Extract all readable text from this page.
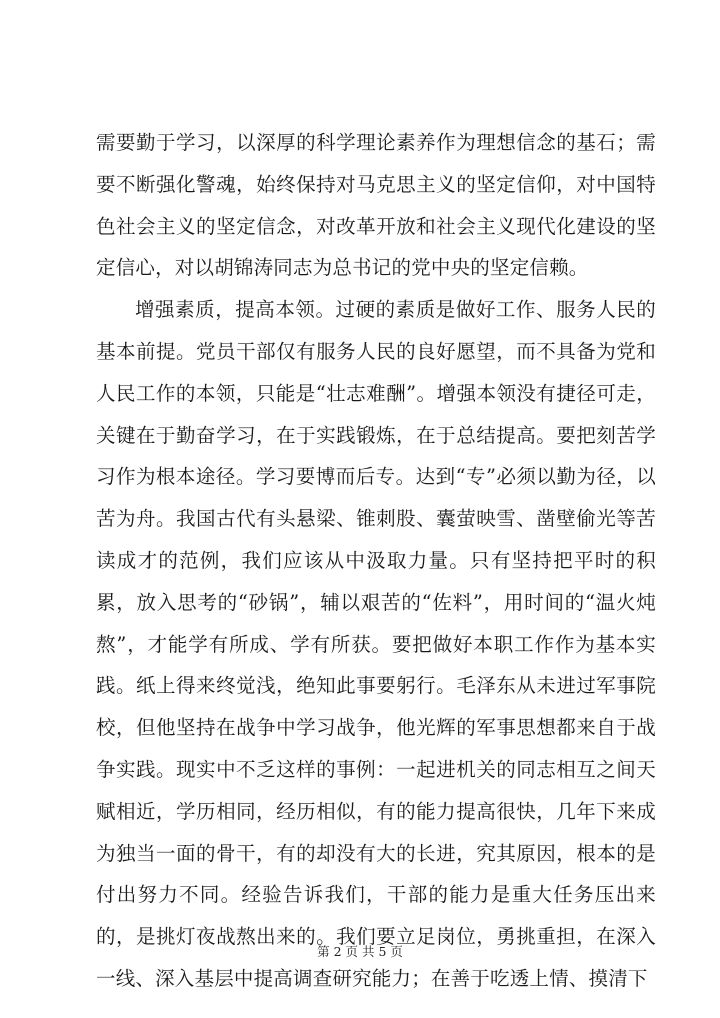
需要勤于学习，以深厚的科学理论素养作为理想信念的基石；需要不断强化警魂，始终保持对马克思主义的坚定信仰，对中国特色社会主义的坚定信念，对改革开放和社会主义现代化建设的坚定信心，对以胡锦涛同志为总书记的党中央的坚定信赖。

增强素质，提高本领。过硬的素质是做好工作、服务人民的基本前提。党员干部仅有服务人民的良好愿望，而不具备为党和人民工作的本领，只能是“壮志难酬”。增强本领没有捷径可走，关键在于勤奋学习，在于实践锻炼，在于总结提高。要把刻苦学习作为根本途径。学习要博而后专。达到“专”必须以勤为径，以苦为舟。我国古代有头悬梁、锥刺股、囊萤映雪、凿壁偷光等苦读成才的范例，我们应该从中汲取力量。只有坚持把平时的积累，放入思考的“砂锅”，辅以艰苦的“佐料”，用时间的“温火炖熬”，才能学有所成、学有所获。要把做好本职工作作为基本实践。纸上得来终觉浅，绝知此事要躬行。毛泽东从未进过军事院校，但他坚持在战争中学习战争，他光辉的军事思想都来自于战争实践。现实中不乏这样的事例：一起进机关的同志相互之间天赋相近，学历相同，经历相似，有的能力提高很快，几年下来成为独当一面的骨干，有的却没有大的长进，究其原因，根本的是付出努力不同。经验告诉我们，干部的能力是重大任务压出来的，是挑灯夜战熬出来的。我们要立足岗位，勇挑重担，在深入一线、深入基层中提高调查研究能力；在善于吃透上情、摸清下

第 2 页 共 5 页
